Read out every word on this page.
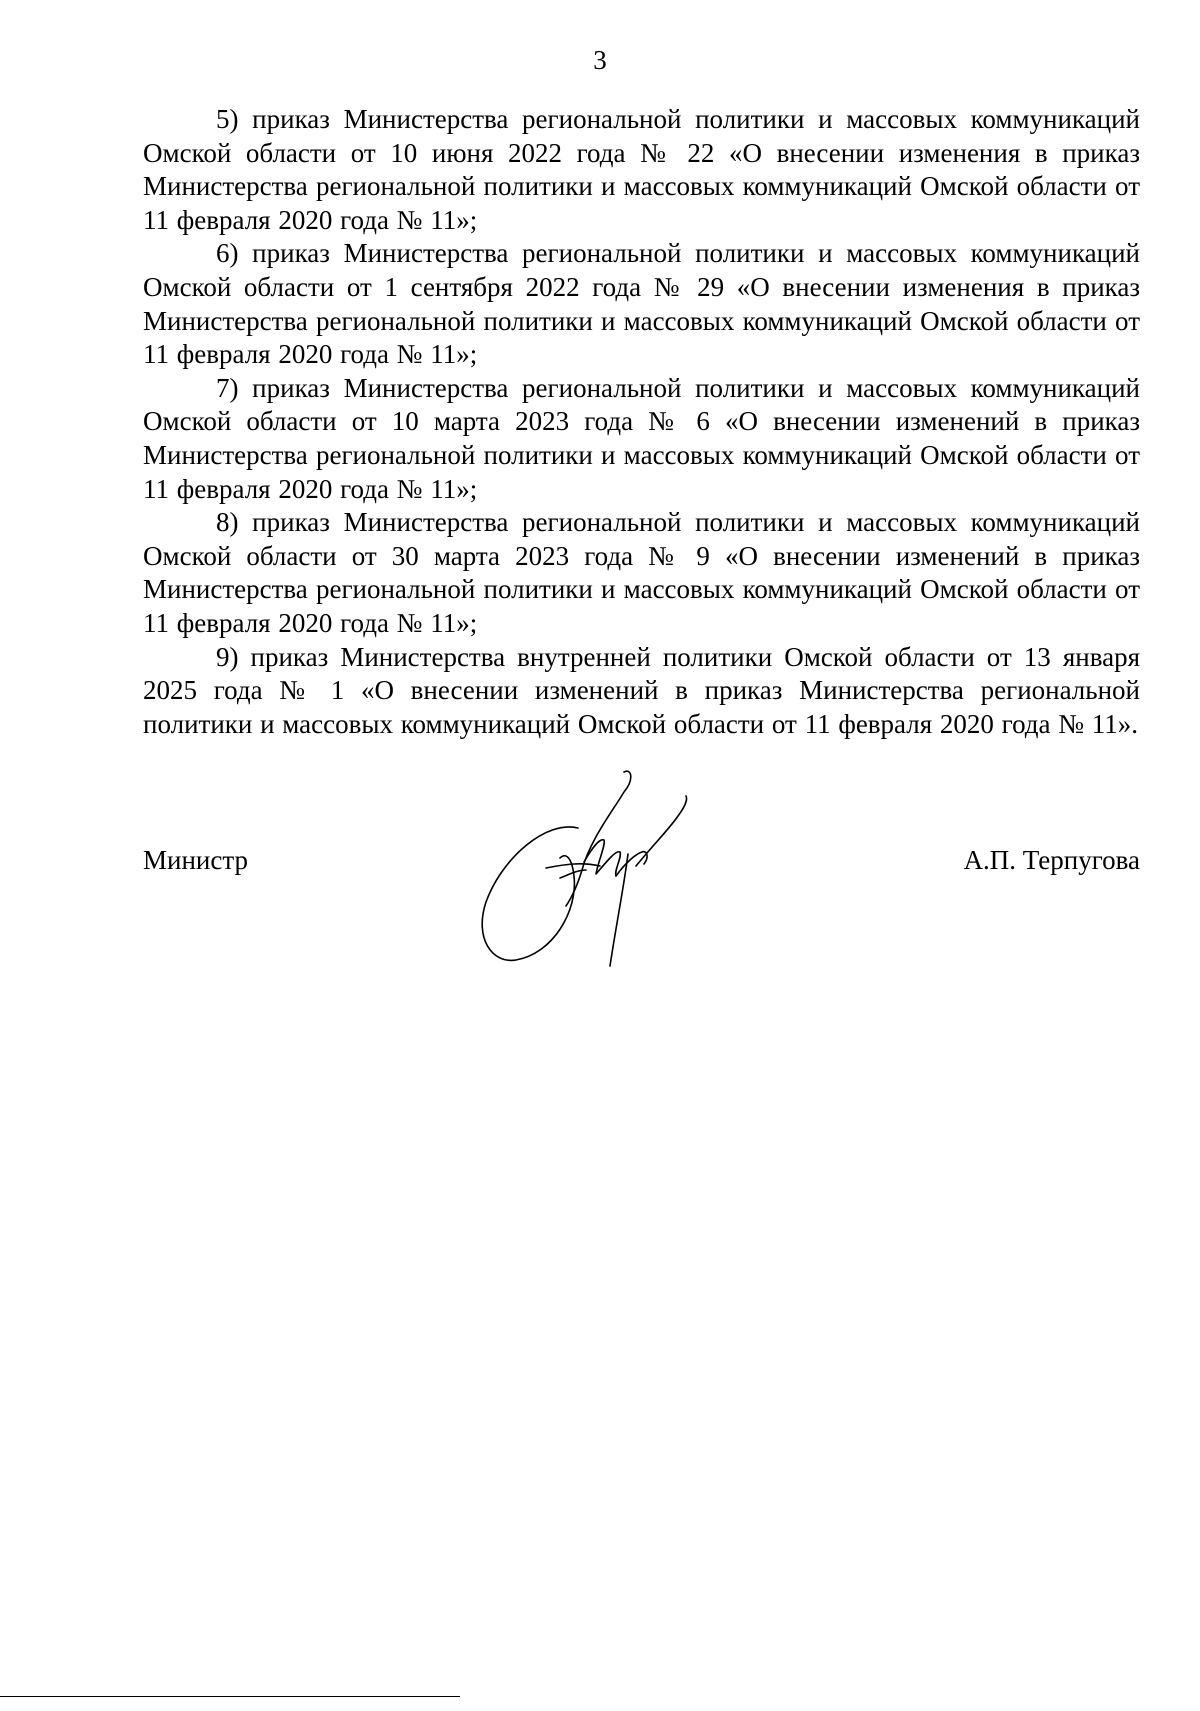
3

5) приказ Министерства региональной политики и массовых коммуникаций Омской области от 10 июня 2022 года № 22 «О внесении изменения в приказ Министерства региональной политики и массовых коммуникаций Омской области от 11 февраля 2020 года № 11»;

6) приказ Министерства региональной политики и массовых коммуникаций Омской области от 1 сентября 2022 года № 29 «О внесении изменения в приказ Министерства региональной политики и массовых коммуникаций Омской области от 11 февраля 2020 года № 11»;

7) приказ Министерства региональной политики и массовых коммуникаций Омской области от 10 марта 2023 года № 6 «О внесении изменений в приказ Министерства региональной политики и массовых коммуникаций Омской области от 11 февраля 2020 года № 11»;

8) приказ Министерства региональной политики и массовых коммуникаций Омской области от 30 марта 2023 года № 9 «О внесении изменений в приказ Министерства региональной политики и массовых коммуникаций Омской области от 11 февраля 2020 года № 11»;

9) приказ Министерства внутренней политики Омской области от 13 января 2025 года № 1 «О внесении изменений в приказ Министерства региональной политики и массовых коммуникаций Омской области от 11 февраля 2020 года № 11».

Министр	А.П. Терпугова
